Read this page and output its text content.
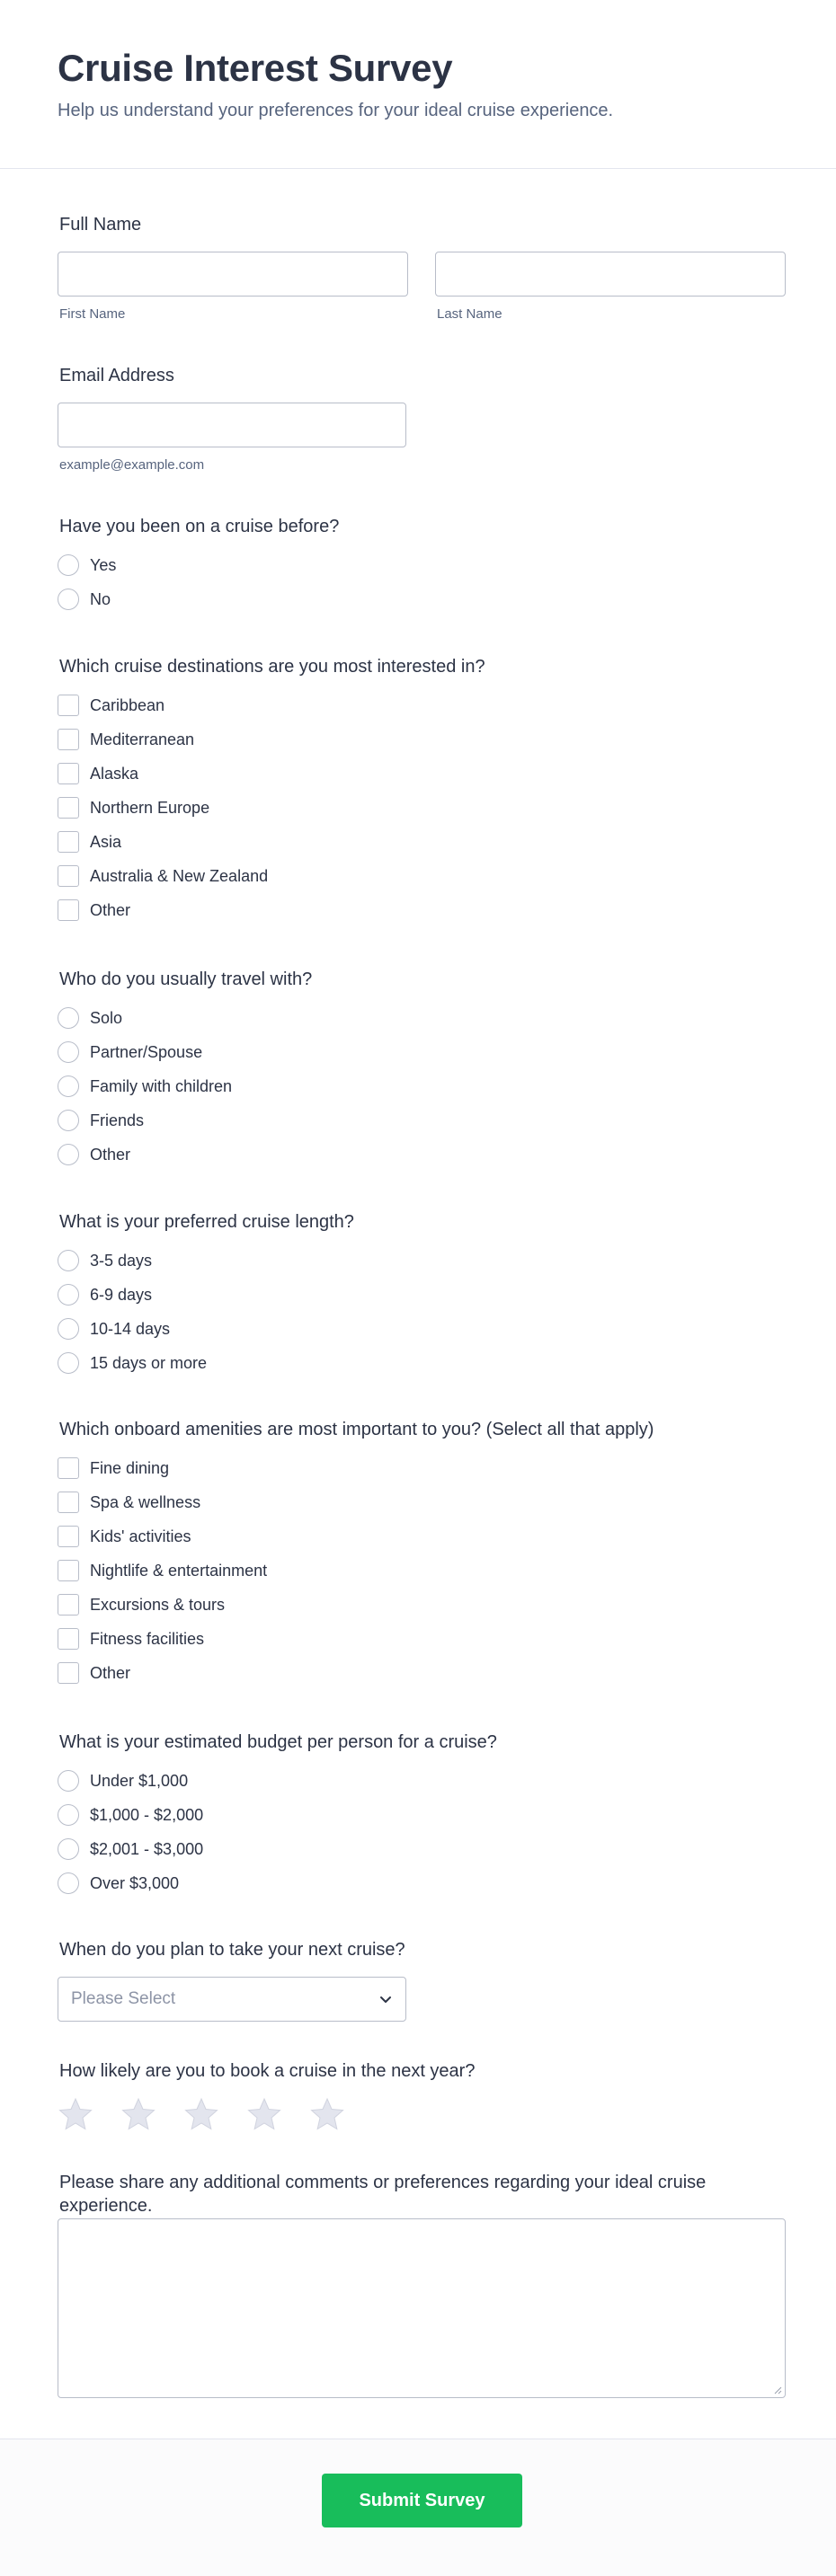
Cruise Interest Survey
Help us understand your preferences for your ideal cruise experience.
Full Name
First Name	Last Name
Email Address
example@example.com
Have you been on a cruise before?
Yes
No
Which cruise destinations are you most interested in?
Caribbean
Mediterranean
Alaska
Northern Europe
Asia
Australia & New Zealand
Other
Who do you usually travel with?
Solo
Partner/Spouse
Family with children
Friends
Other
What is your preferred cruise length?
3-5 days
6-9 days
10-14 days
15 days or more
Which onboard amenities are most important to you? (Select all that apply)
Fine dining
Spa & wellness
Kids' activities
Nightlife & entertainment
Excursions & tours
Fitness facilities
Other
What is your estimated budget per person for a cruise?
Under $1,000
$1,000 - $2,000
$2,001 - $3,000
Over $3,000
When do you plan to take your next cruise?
Please Select
How likely are you to book a cruise in the next year?
Please share any additional comments or preferences regarding your ideal cruise experience.
Submit Survey
